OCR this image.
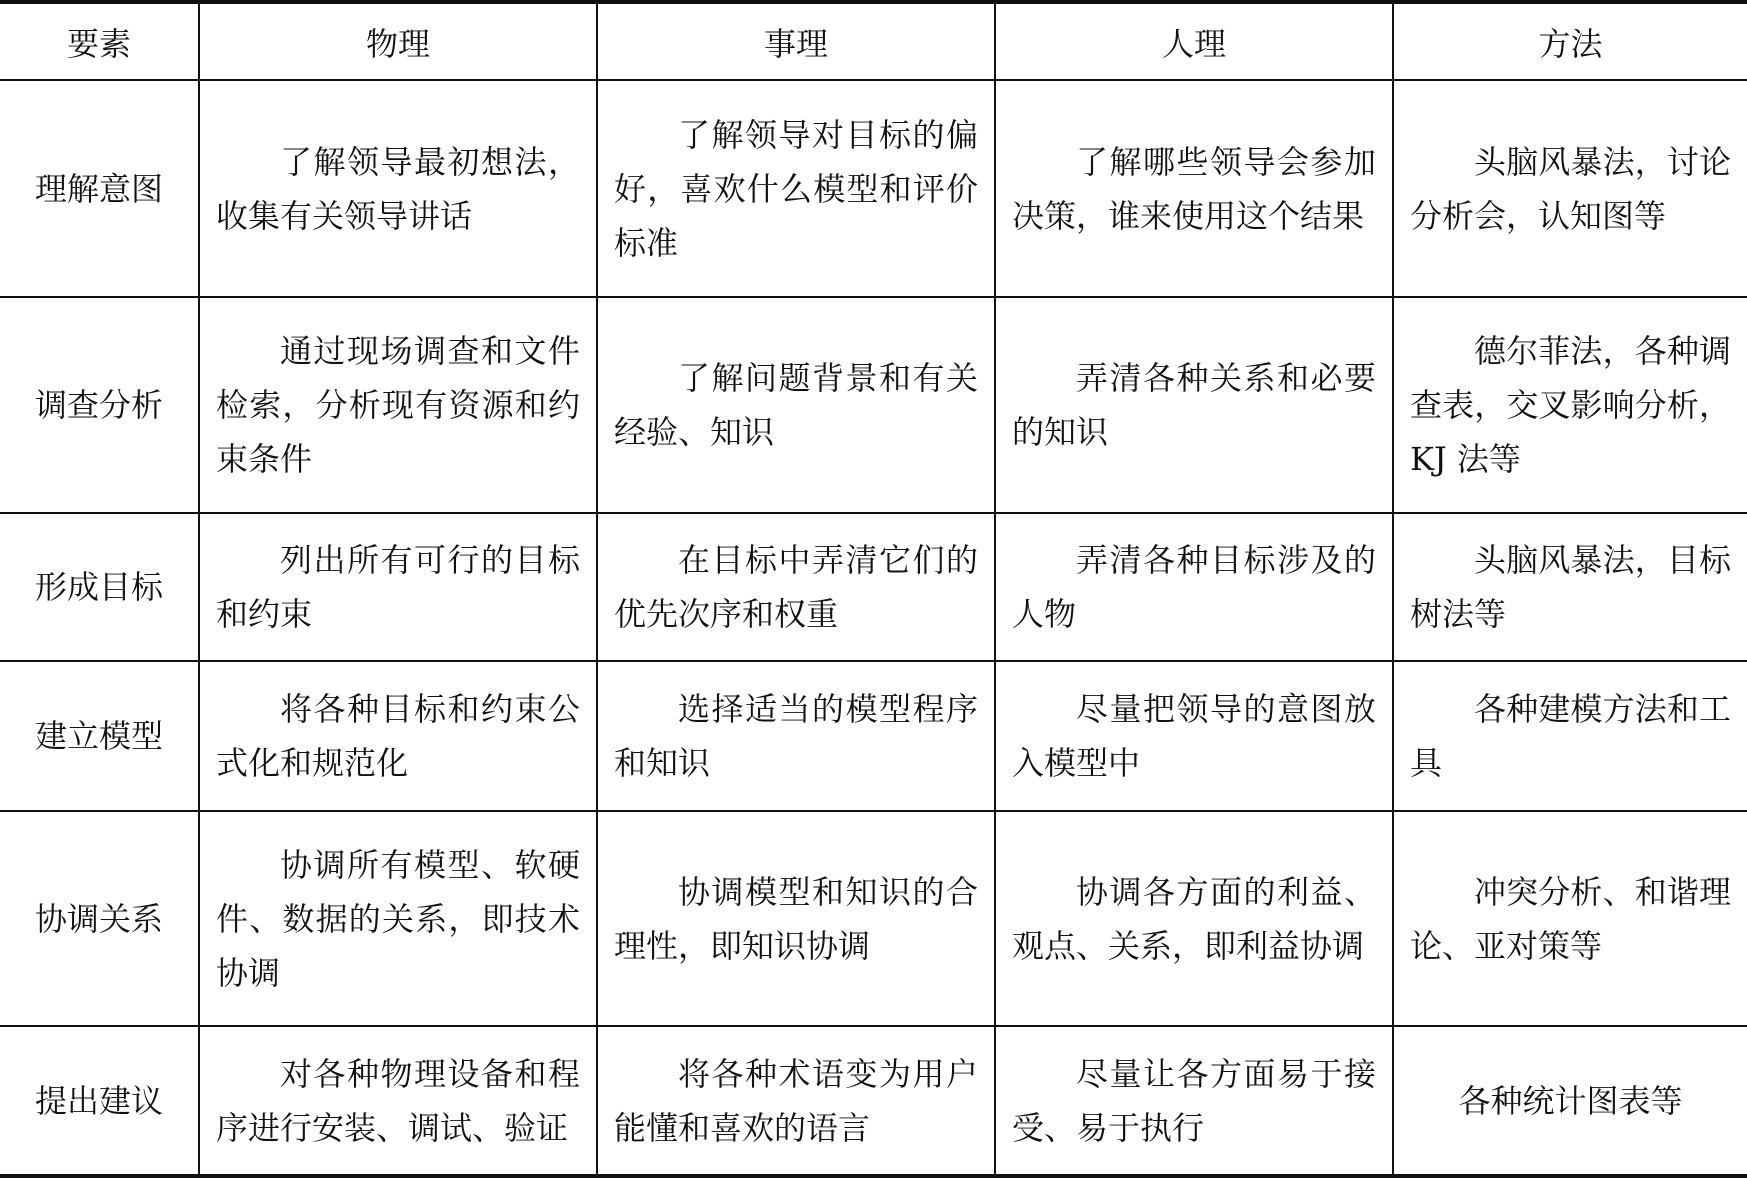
要素	物理	事理	人理	方法
理解意图	了解领导最初想法，收集有关领导讲话	了解领导对目标的偏好，喜欢什么模型和评价标准	了解哪些领导会参加决策，谁来使用这个结果	头脑风暴法，讨论分析会，认知图等

调查分析	通过现场调查和文件检索，分析现有资源和约束条件	了解问题背景和有关经验、知识	弄清各种关系和必要的知识	德尔菲法，各种调查表，交叉影响分析，KJ 法等

形成目标	列出所有可行的目标和约束	在目标中弄清它们的优先次序和权重	弄清各种目标涉及的人物	头脑风暴法，目标树法等

建立模型	将各种目标和约束公式化和规范化	选择适当的模型程序和知识	尽量把领导的意图放入模型中	各种建模方法和工具

协调关系	协调所有模型、软硬件、数据的关系，即技术协调	协调模型和知识的合理性，即知识协调	协调各方面的利益、观点、关系，即利益协调	冲突分析、和谐理论、亚对策等

提出建议	对各种物理设备和程序进行安装、调试、验证	将各种术语变为用户能懂和喜欢的语言	尽量让各方面易于接受、易于执行	各种统计图表等
